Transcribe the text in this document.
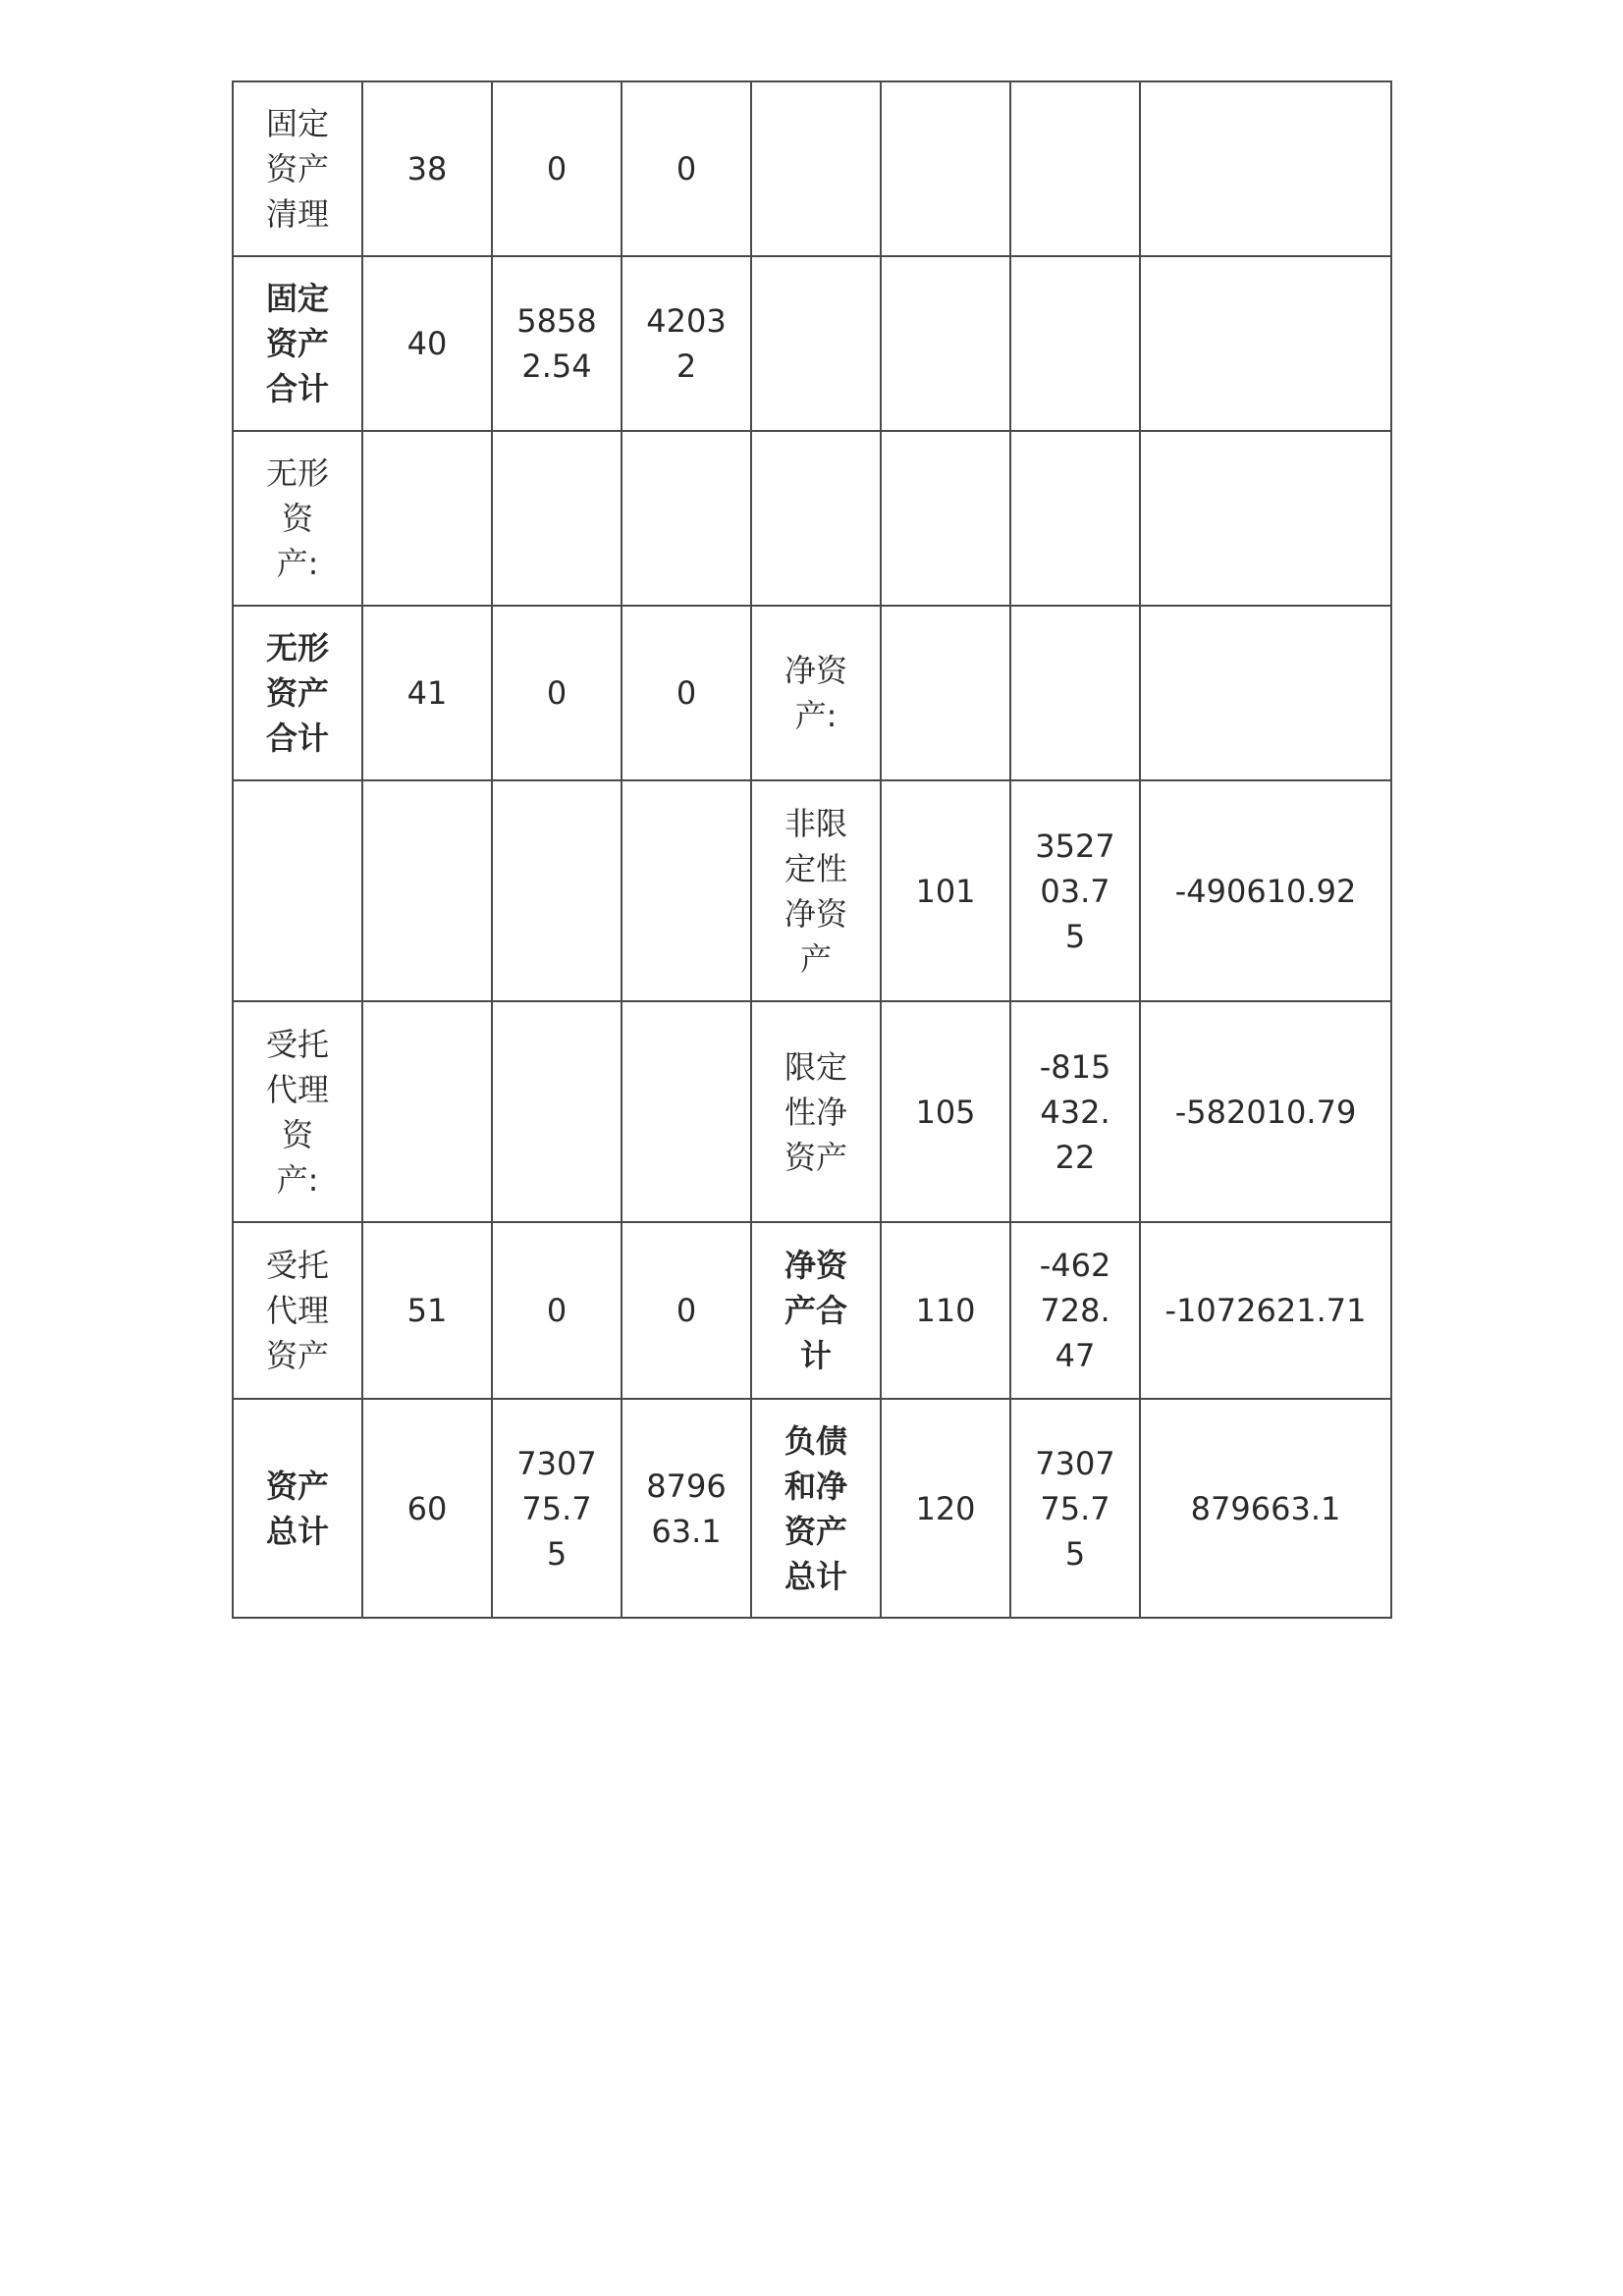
固定资产清理	38	0	0				
固定资产合计	40	58582.54	42032				
无形资产:							
无形资产合计	41	0	0	净资产:			
				非限定性净资产	101	352703.75	-490610.92
受托代理资产:				限定性净资产	105	-815432.22	-582010.79
受托代理资产	51	0	0	净资产合计	110	-462728.47	-1072621.71
资产总计	60	730775.75	879663.1	负债和净资产总计	120	730775.75	879663.1
